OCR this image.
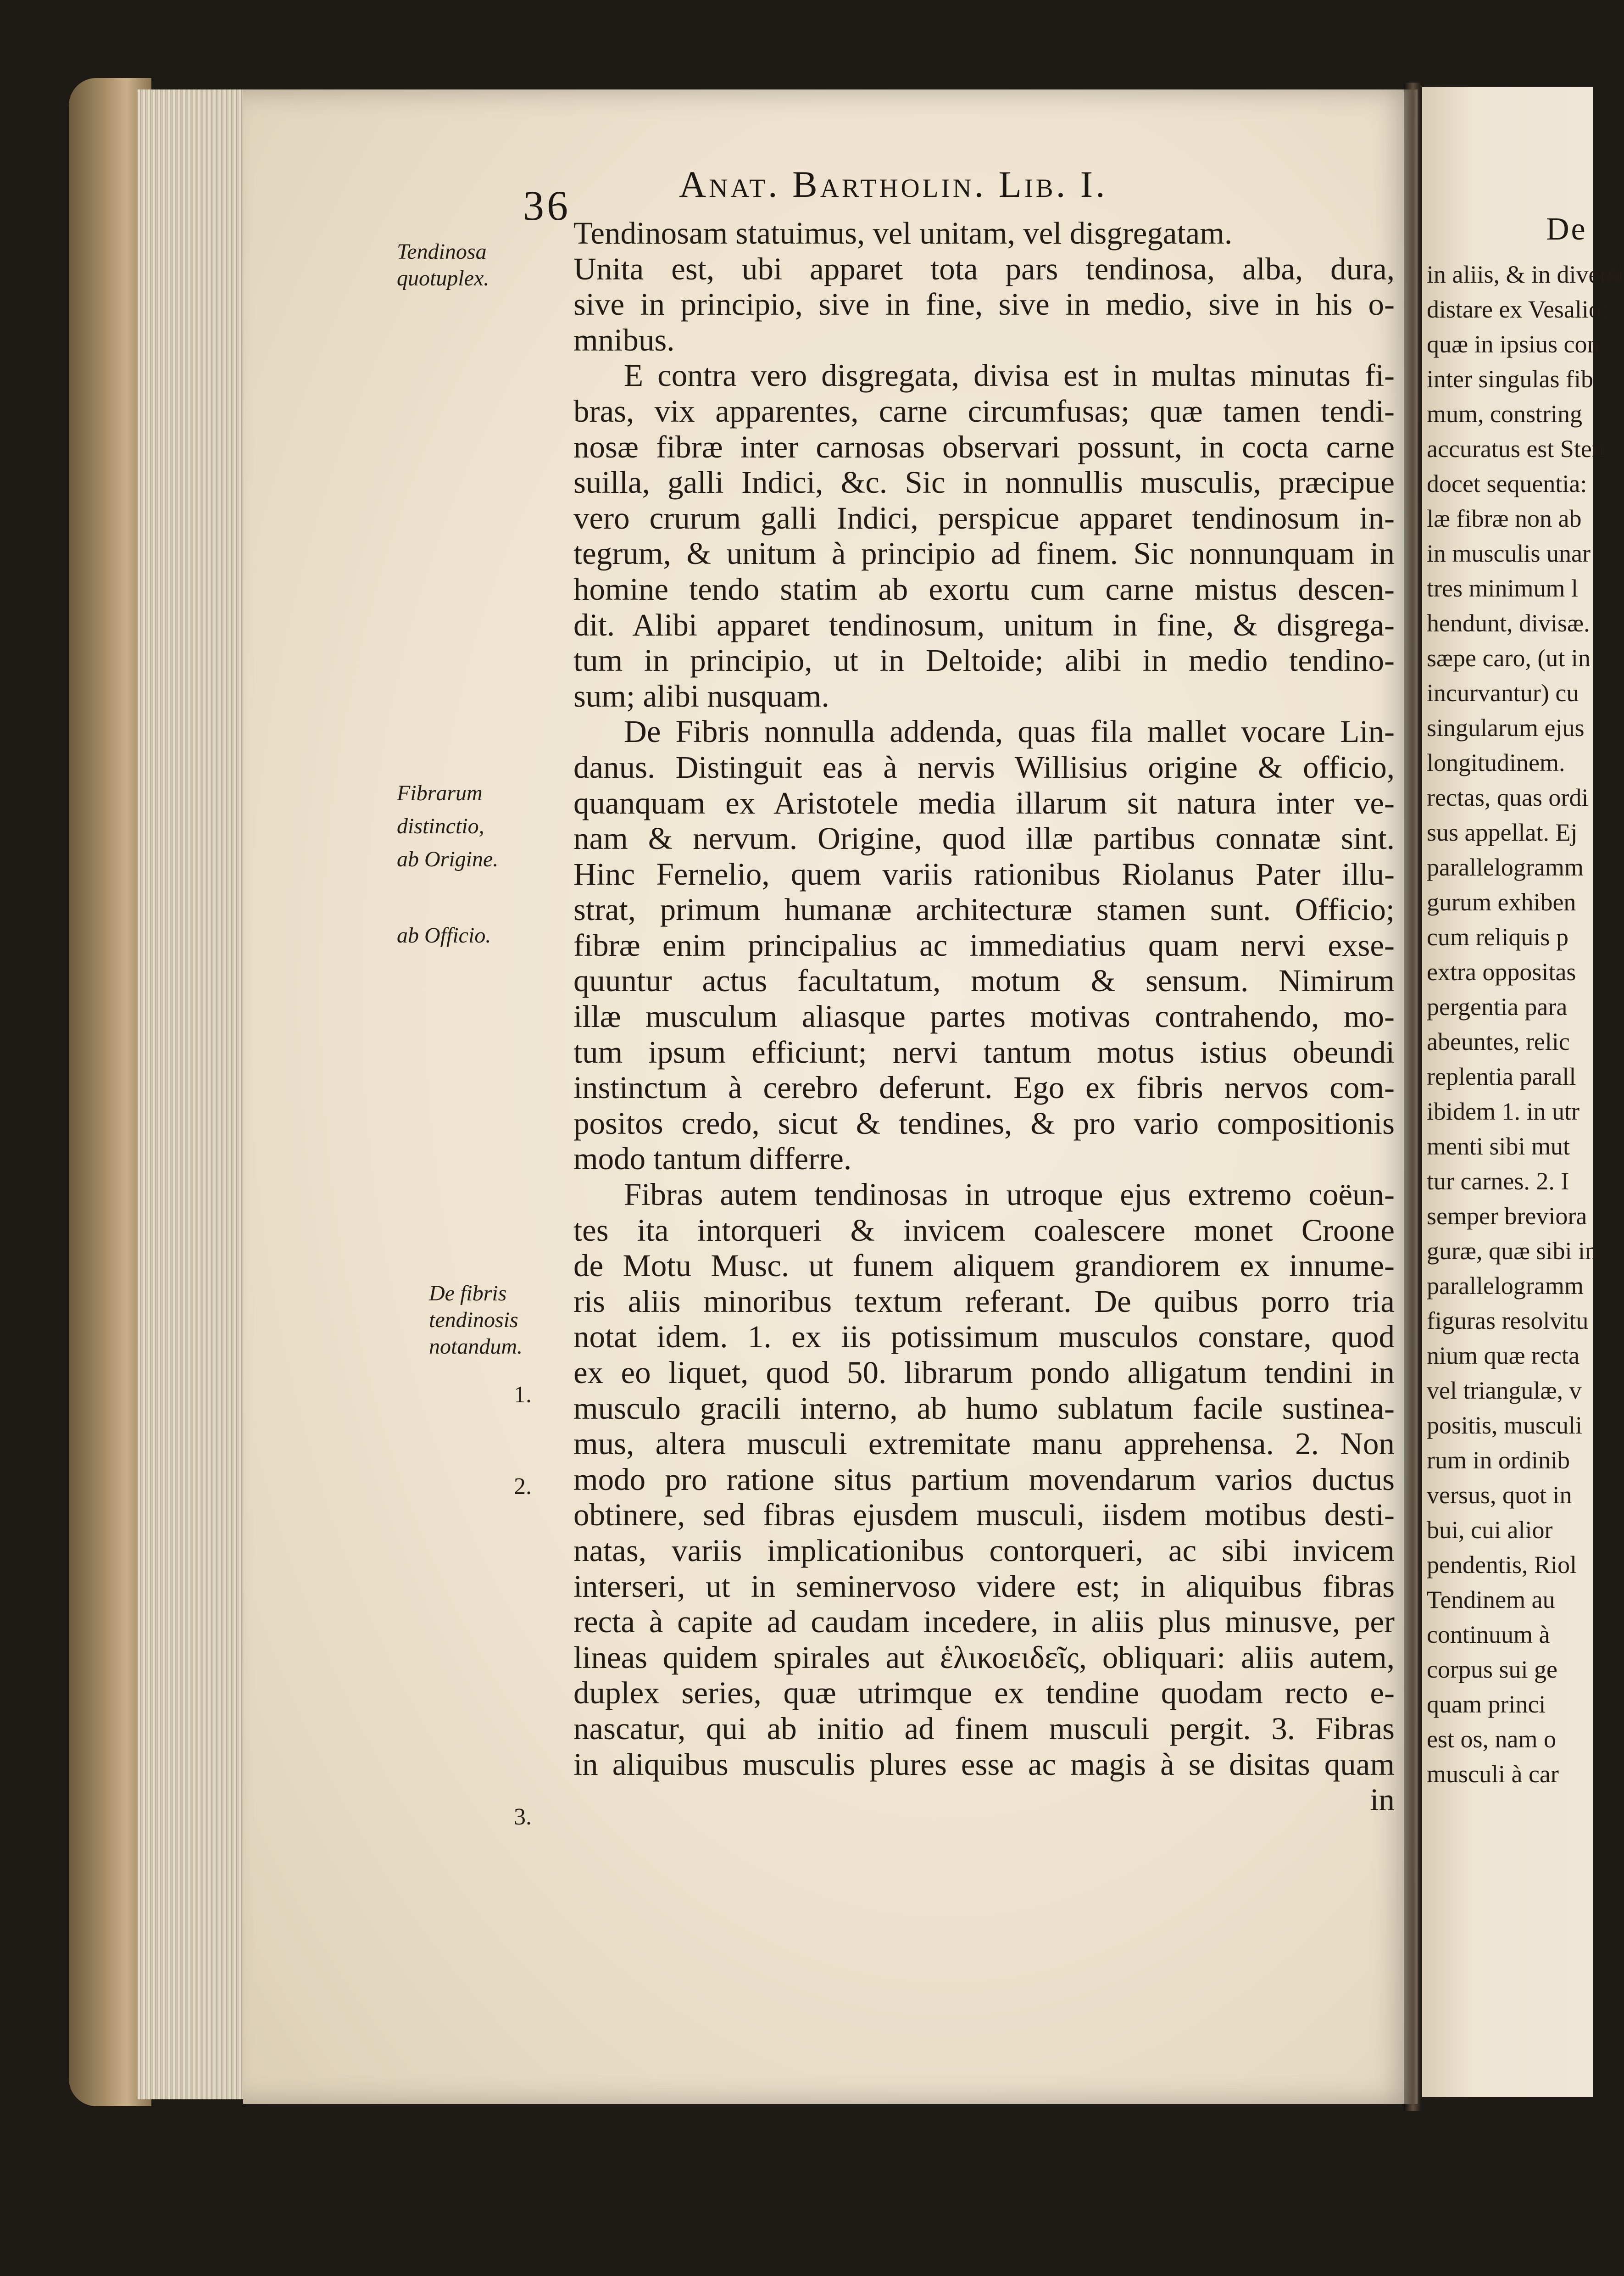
36	Anat. Bartholin. Lib. I.
Tendinosa
quotuplex.
Fibrarum
distinctio,
ab Origine.
ab Officio.
De fibris
tendinosis
notandum.
1.
2.
3.
Tendinosam statuimus, vel unitam, vel disgregatam.
Unita est, ubi apparet tota pars tendinosa, alba, dura,
sive in principio, sive in fine, sive in medio, sive in his o-
mnibus.
E contra vero disgregata, divisa est in multas minutas fi-
bras, vix apparentes, carne circumfusas; quæ tamen tendi-
nosæ fibræ inter carnosas observari possunt, in cocta carne
suilla, galli Indici, &c. Sic in nonnullis musculis, præcipue
vero crurum galli Indici, perspicue apparet tendinosum in-
tegrum, & unitum à principio ad finem. Sic nonnunquam in
homine tendo statim ab exortu cum carne mistus descen-
dit. Alibi apparet tendinosum, unitum in fine, & disgrega-
tum in principio, ut in Deltoide; alibi in medio tendino-
sum; alibi nusquam.
De Fibris nonnulla addenda, quas fila mallet vocare Lin-
danus. Distinguit eas à nervis Willisius origine & officio,
quanquam ex Aristotele media illarum sit natura inter ve-
nam & nervum. Origine, quod illæ partibus connatæ sint.
Hinc Fernelio, quem variis rationibus Riolanus Pater illu-
strat, primum humanæ architecturæ stamen sunt. Officio;
fibræ enim principalius ac immediatius quam nervi exse-
quuntur actus facultatum, motum & sensum. Nimirum
illæ musculum aliasque partes motivas contrahendo, mo-
tum ipsum efficiunt; nervi tantum motus istius obeundi
instinctum à cerebro deferunt. Ego ex fibris nervos com-
positos credo, sicut & tendines, & pro vario compositionis
modo tantum differre.
Fibras autem tendinosas in utroque ejus extremo coëun-
tes ita intorqueri & invicem coalescere monet Croone
de Motu Musc. ut funem aliquem grandiorem ex innume-
ris aliis minoribus textum referant. De quibus porro tria
notat idem. 1. ex iis potissimum musculos constare, quod
ex eo liquet, quod 50. librarum pondo alligatum tendini in
musculo gracili interno, ab humo sublatum facile sustinea-
mus, altera musculi extremitate manu apprehensa. 2. Non
modo pro ratione situs partium movendarum varios ductus
obtinere, sed fibras ejusdem musculi, iisdem motibus desti-
natas, variis implicationibus contorqueri, ac sibi invicem
interseri, ut in seminervoso videre est; in aliquibus fibras
recta à capite ad caudam incedere, in aliis plus minusve, per
lineas quidem spirales aut ἑλικοειδεῖς, obliquari: aliis autem,
duplex series, quæ utrimque ex tendine quodam recto e-
nascatur, qui ab initio ad finem musculi pergit. 3. Fibras
in aliquibus musculis plures esse ac magis à se disitas quam
in
De
in aliis, & in diversi
distare ex Vesalio:
quæ in ipsius con
inter singulas fib
mum, constring
accuratus est Sten
docet sequentia:
læ fibræ non ab
in musculis unar
tres minimum l
hendunt, divisæ.
sæpe caro, (ut in
incurvantur) cu
singularum ejus
longitudinem.
rectas, quas ordi
sus appellat. Ej
parallelogramm
gurum exhiben
cum reliquis p
extra oppositas
pergentia para
abeuntes, relic
replentia parall
ibidem 1. in utr
menti sibi mut
tur carnes. 2. I
semper breviora
guræ, quæ sibi in
parallelogramm
figuras resolvitu
nium quæ recta
vel triangulæ, v
positis, musculi
rum in ordinib
versus, quot in
bui, cui alior
pendentis, Riol
Tendinem au
continuum à
corpus sui ge
quam princi
est os, nam o
musculi à car
